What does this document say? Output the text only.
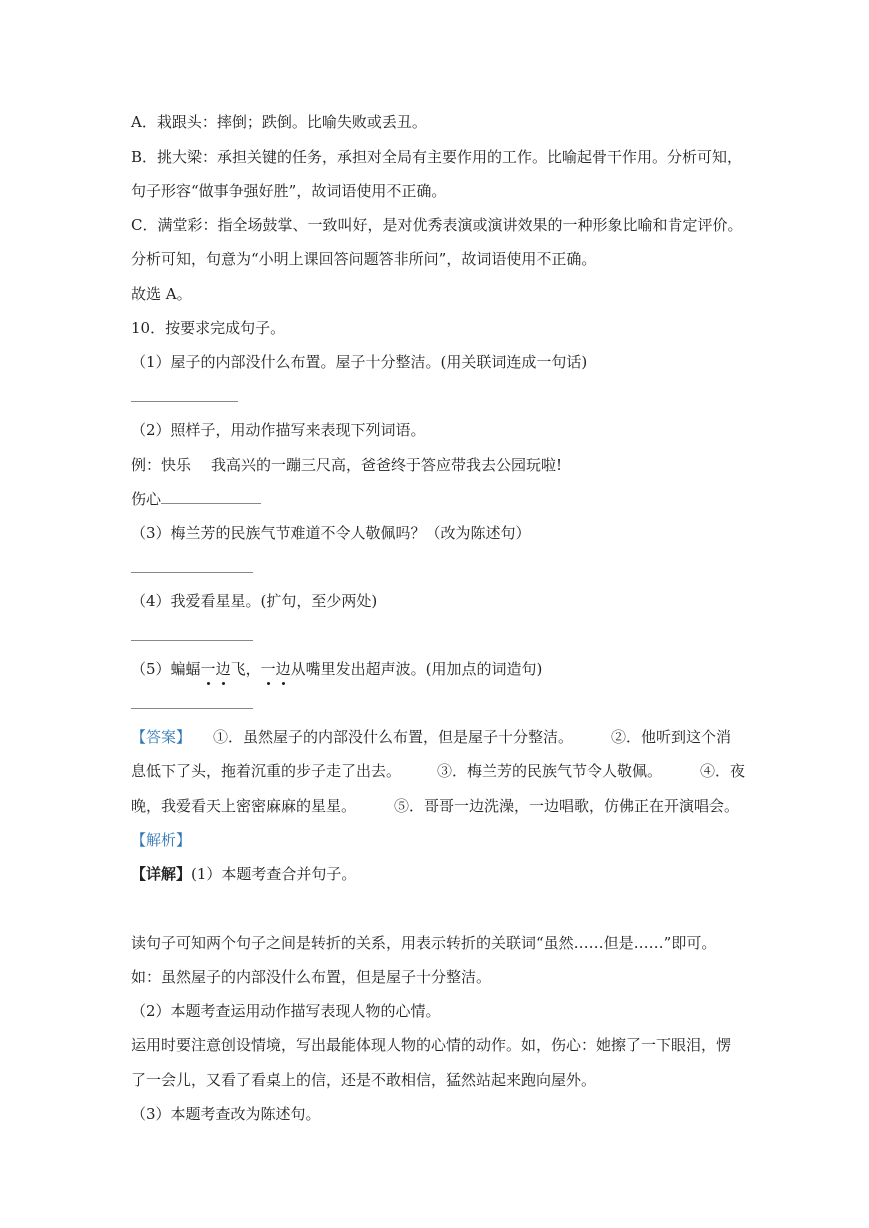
A．栽跟头：摔倒；跌倒。比喻失败或丢丑。
B．挑大梁：承担关键的任务，承担对全局有主要作用的工作。比喻起骨干作用。分析可知，
句子形容“做事争强好胜”，故词语使用不正确。
C．满堂彩：指全场鼓掌、一致叫好，是对优秀表演或演讲效果的一种形象比喻和肯定评价。
分析可知，句意为“小明上课回答问题答非所问”，故词语使用不正确。
故选 A。
10．按要求完成句子。
（1）屋子的内部没什么布置。屋子十分整洁。(用关联词连成一句话)
（2）照样子，用动作描写来表现下列词语。
例：快乐 我高兴的一蹦三尺高，爸爸终于答应带我去公园玩啦!
伤心
（3）梅兰芳的民族气节难道不令人敬佩吗？（改为陈述句）
（4）我爱看星星。(扩句，至少两处)
（5）蝙蝠一边飞，一边从嘴里发出超声波。(用加点的词造句)
【答案】 ①．虽然屋子的内部没什么布置，但是屋子十分整洁。	②．他听到这个消
息低下了头，拖着沉重的步子走了出去。 ③．梅兰芳的民族气节令人敬佩。	④．夜
晚，我爱看天上密密麻麻的星星。	⑤．哥哥一边洗澡，一边唱歌，仿佛正在开演唱会。
【解析】
【详解】(1）本题考查合并句子。
读句子可知两个句子之间是转折的关系，用表示转折的关联词“虽然……但是……”即可。
如：虽然屋子的内部没什么布置，但是屋子十分整洁。
（2）本题考查运用动作描写表现人物的心情。
运用时要注意创设情境，写出最能体现人物的心情的动作。如，伤心：她擦了一下眼泪，愣
了一会儿，又看了看桌上的信，还是不敢相信，猛然站起来跑向屋外。
（3）本题考查改为陈述句。
